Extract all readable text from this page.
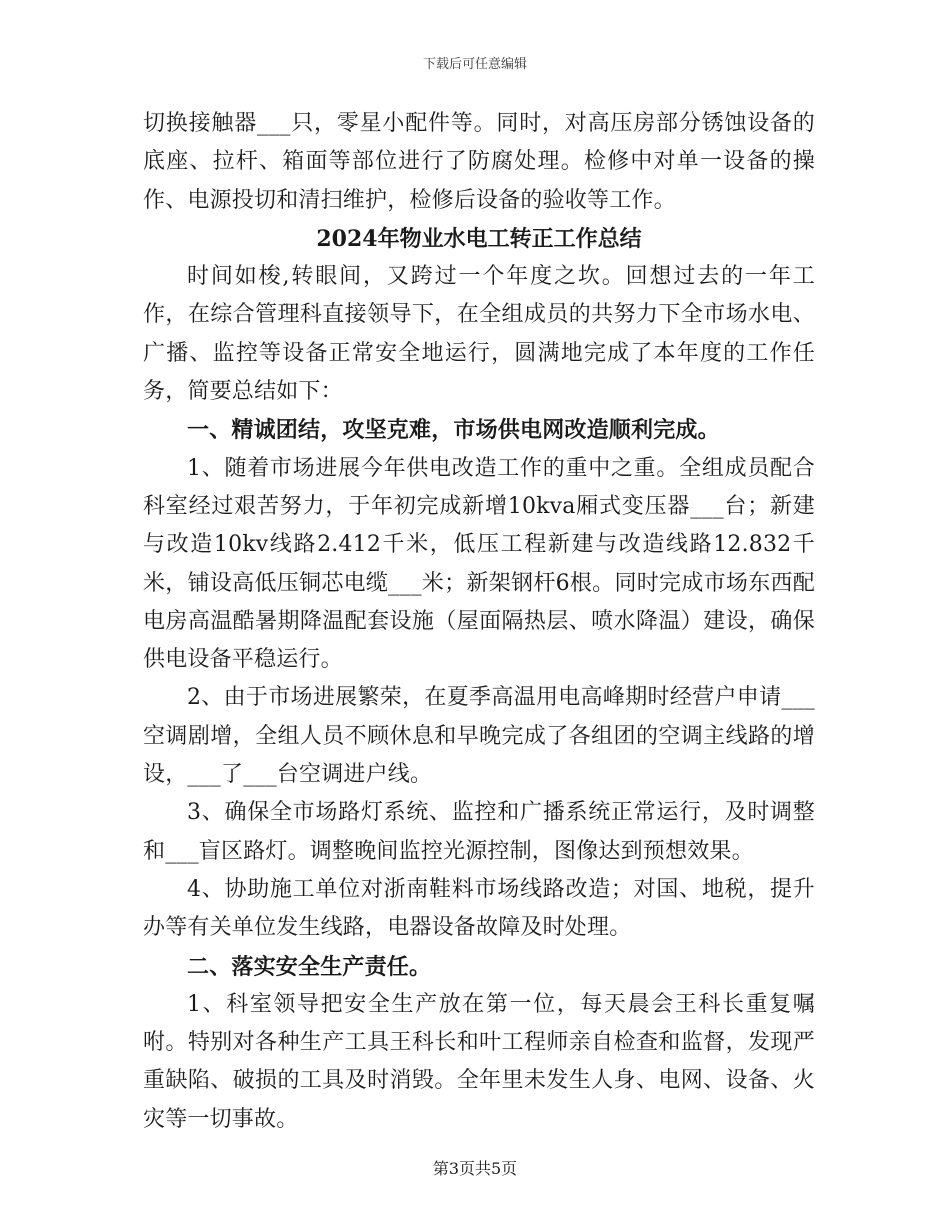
下载后可任意编辑

切换接触器___只，零星小配件等。同时，对高压房部分锈蚀设备的底座、拉杆、箱面等部位进行了防腐处理。检修中对单一设备的操作、电源投切和清扫维护，检修后设备的验收等工作。

2024年物业水电工转正工作总结

时间如梭,转眼间，又跨过一个年度之坎。回想过去的一年工作，在综合管理科直接领导下，在全组成员的共努力下全市场水电、广播、监控等设备正常安全地运行，圆满地完成了本年度的工作任务，简要总结如下：

一、精诚团结，攻坚克难，市场供电网改造顺利完成。

1、随着市场进展今年供电改造工作的重中之重。全组成员配合科室经过艰苦努力，于年初完成新增10kva厢式变压器___台；新建与改造10kv线路2.412千米，低压工程新建与改造线路12.832千米，铺设高低压铜芯电缆___米；新架钢杆6根。同时完成市场东西配电房高温酷暑期降温配套设施（屋面隔热层、喷水降温）建设，确保供电设备平稳运行。

2、由于市场进展繁荣，在夏季高温用电高峰期时经营户申请___空调剧增，全组人员不顾休息和早晚完成了各组团的空调主线路的增设，___了___台空调进户线。

3、确保全市场路灯系统、监控和广播系统正常运行，及时调整和___盲区路灯。调整晚间监控光源控制，图像达到预想效果。

4、协助施工单位对浙南鞋料市场线路改造；对国、地税，提升办等有关单位发生线路，电器设备故障及时处理。

二、落实安全生产责任。

1、科室领导把安全生产放在第一位，每天晨会王科长重复嘱咐。特别对各种生产工具王科长和叶工程师亲自检查和监督，发现严重缺陷、破损的工具及时消毁。全年里未发生人身、电网、设备、火灾等一切事故。

第3页共5页
